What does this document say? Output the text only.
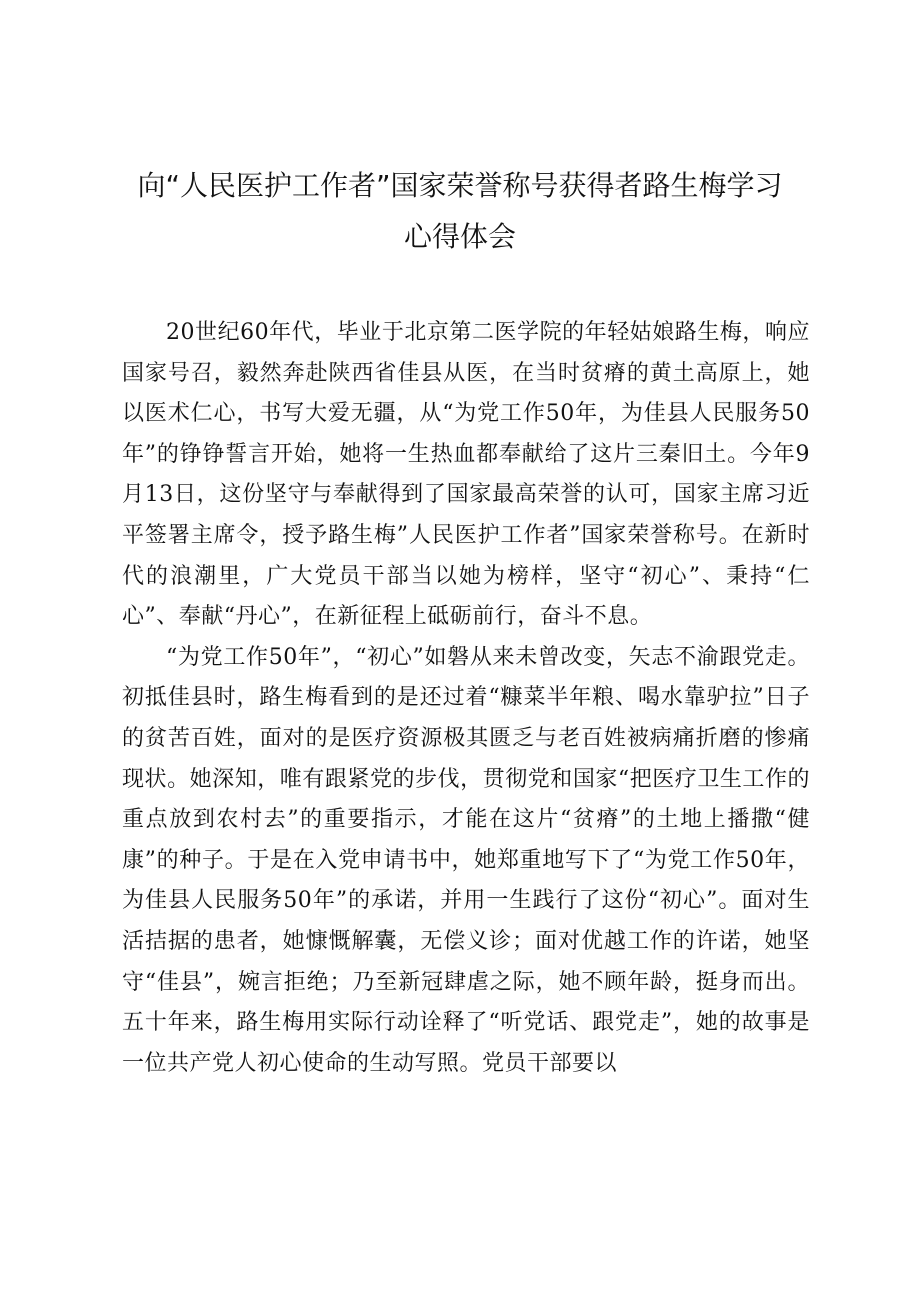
向“人民医护工作者”国家荣誉称号获得者路生梅学习
心得体会

20世纪60年代，毕业于北京第二医学院的年轻姑娘路生梅，响应国家号召，毅然奔赴陕西省佳县从医，在当时贫瘠的黄土高原上，她以医术仁心，书写大爱无疆，从“为党工作50年，为佳县人民服务50年”的铮铮誓言开始，她将一生热血都奉献给了这片三秦旧土。今年9月13日，这份坚守与奉献得到了国家最高荣誉的认可，国家主席习近平签署主席令，授予路生梅”人民医护工作者”国家荣誉称号。在新时代的浪潮里，广大党员干部当以她为榜样，坚守“初心”、秉持“仁心”、奉献“丹心”，在新征程上砥砺前行，奋斗不息。

“为党工作50年”，“初心”如磐从来未曾改变，矢志不渝跟党走。初抵佳县时，路生梅看到的是还过着“糠菜半年粮、喝水靠驴拉”日子的贫苦百姓，面对的是医疗资源极其匮乏与老百姓被病痛折磨的惨痛现状。她深知，唯有跟紧党的步伐，贯彻党和国家“把医疗卫生工作的重点放到农村去”的重要指示，才能在这片“贫瘠”的土地上播撒“健康”的种子。于是在入党申请书中，她郑重地写下了“为党工作50年，为佳县人民服务50年”的承诺，并用一生践行了这份“初心”。面对生活拮据的患者，她慷慨解囊，无偿义诊；面对优越工作的许诺，她坚守“佳县”，婉言拒绝；乃至新冠肆虐之际，她不顾年龄，挺身而出。五十年来，路生梅用实际行动诠释了“听党话、跟党走”，她的故事是一位共产党人初心使命的生动写照。党员干部要以
